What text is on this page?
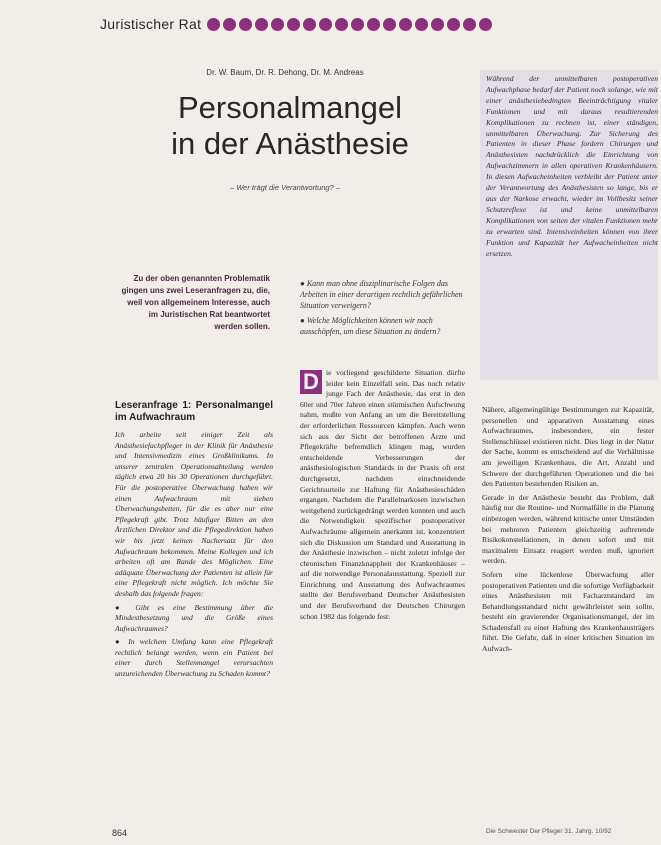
Juristischer Rat
Dr. W. Baum, Dr. R. Dehong, Dr. M. Andreas
Personalmangel
in der Anästhesie
– Wer trägt die Verantwortung? –
Zu der oben genannten Problematik gingen uns zwei Leseranfragen zu, die, weil von allgemeinem Interesse, auch im Juristischen Rat beantwortet werden sollen.

● Kann man ohne disziplinarische Folgen das Arbeiten in einer derartigen rechtlich gefährlichen Situation verweigern?

● Welche Möglichkeiten können wir noch ausschöpfen, um diese Situation zu ändern?

Während der unmittelbaren postoperativen Aufwachphase bedarf der Patient noch solange, wie mit einer anästhesiebedingten Beeinträchtigung vitaler Funktionen und mit daraus resultierenden Komplikationen zu rechnen ist, einer ständigen, unmittelbaren Überwachung. Zur Sicherung des Patienten in dieser Phase fordern Chirurgen und Anästhesisten nachdrücklich die Einrichtung von Aufwachzimmern in allen operativen Krankenhäusern. In diesen Aufwacheinheiten verbleibt der Patient unter der Verantwortung des Anästhesisten so lange, bis er aus der Narkose erwacht, wieder im Vollbesitz seiner Schutzreflexe ist und keine unmittelbaren Komplikationen von seiten der vitalen Funktionen mehr zu erwarten sind. Intensiveinheiten können von ihrer Funktion und Kapazität her Aufwacheinheiten nicht ersetzen.
Leseranfrage 1: Personalmangel im Aufwachraum

Ich arbeite seit einiger Zeit als Anästhesiefachpfleger in der Klinik für Anästhesie und Intensivmedizin eines Großklinikums. In unserer zentralen Operationsabteilung werden täglich etwa 20 bis 30 Operationen durchgeführt. Für die postoperative Überwachung haben wir einen Aufwachraum mit sieben Überwachungsbetten, für die es aber nur eine Pflegekraft gibt. Trotz häufiger Bitten an den Ärztlichen Direktor und die Pflegedirektion haben wir bis jetzt keinen Nachersatz für den Aufwachraum bekommen. Meine Kollegen und ich arbeiten oft am Rande des Möglichen. Eine adäquate Überwachung der Patienten ist allein für eine Pflegekraft nicht möglich. Ich möchte Sie deshalb das folgende fragen:

● Gibt es eine Bestimmung über die Mindestbesetzung und die Größe eines Aufwachraumes?

● In welchem Umfang kann eine Pflegekraft rechtlich belangt werden, wenn ein Patient bei einer durch Stellenmangel verursachten unzureichenden Überwachung zu Schaden kommt?

D ie vorliegend geschilderte Situation dürfte leider kein Einzelfall sein. Das noch relativ junge Fach der Anästhesie, das erst in den 60er und 70er Jahren einen stürmischen Aufschwung nahm, mußte von Anfang an um die Bereitstellung der erforderlichen Ressourcen kämpfen. Auch wenn sich aus der Sicht der betroffenen Ärzte und Pflegekräfte befremdlich klingen mag, wurden entscheidende Verbesserungen der anästhesiologischen Standards in der Praxis oft erst durchgesetzt, nachdem einschneidende Gerichtsurteile zur Haftung für Anästhesieschäden ergangen. Nachdem die Parallelnarkosen inzwischen weitgehend zurückgedrängt werden konnten und auch die Notwendigkeit spezifischer postoperativer Aufwachräume allgemein anerkannt ist, konzentriert sich die Diskussion um Standard und Ausstattung in der Anästhesie inzwischen – nicht zuletzt infolge der chronischen Finanzknappheit der Krankenhäuser – auf die notwendige Personalausstattung. Speziell zur Einrichtung und Ausstattung des Aufwachraumes stellte der Berufsverband Deutscher Anästhesisten und der Berufsverband der Deutschen Chirurgen schon 1982 das folgende fest:

Nähere, allgemeingültige Bestimmungen zur Kapazität, personellen und apparativen Ausstattung eines Aufwachraumes, insbesondere, ein fester Stellenschlüssel existieren nicht. Dies liegt in der Natur der Sache, kommt es entscheidend auf die Verhältnisse am jeweiligen Krankenhaus, die Art, Anzahl und Schwere der durchgeführten Operationen und die bei den Patienten bestehenden Risiken an.

Gerade in der Anästhesie besteht das Problem, daß häufig nur die Routine- und Normalfälle in die Planung einbezogen werden, während kritische unter Umständen bei mehreren Patienten gleichzeitig auftretende Risikokonstellationen, in denen sofort und mit maximalem Einsatz reagiert werden muß, ignoriert werden.

Sofern eine lückenlose Überwachung aller postoperativen Patienten und die sofortige Verfügbarkeit eines Anästhesisten mit Facharztstandard im Behandlungsstandard nicht gewährleistet sein sollte, besteht ein gravierender Organisationsmangel, der im Schadensfall zu einer Haftung des Krankenhausträgers führt. Die Gefahr, daß in einer kritischen Situation im Aufwach-

864	Die Schwester Der Pfleger 31. Jahrg. 10/92
